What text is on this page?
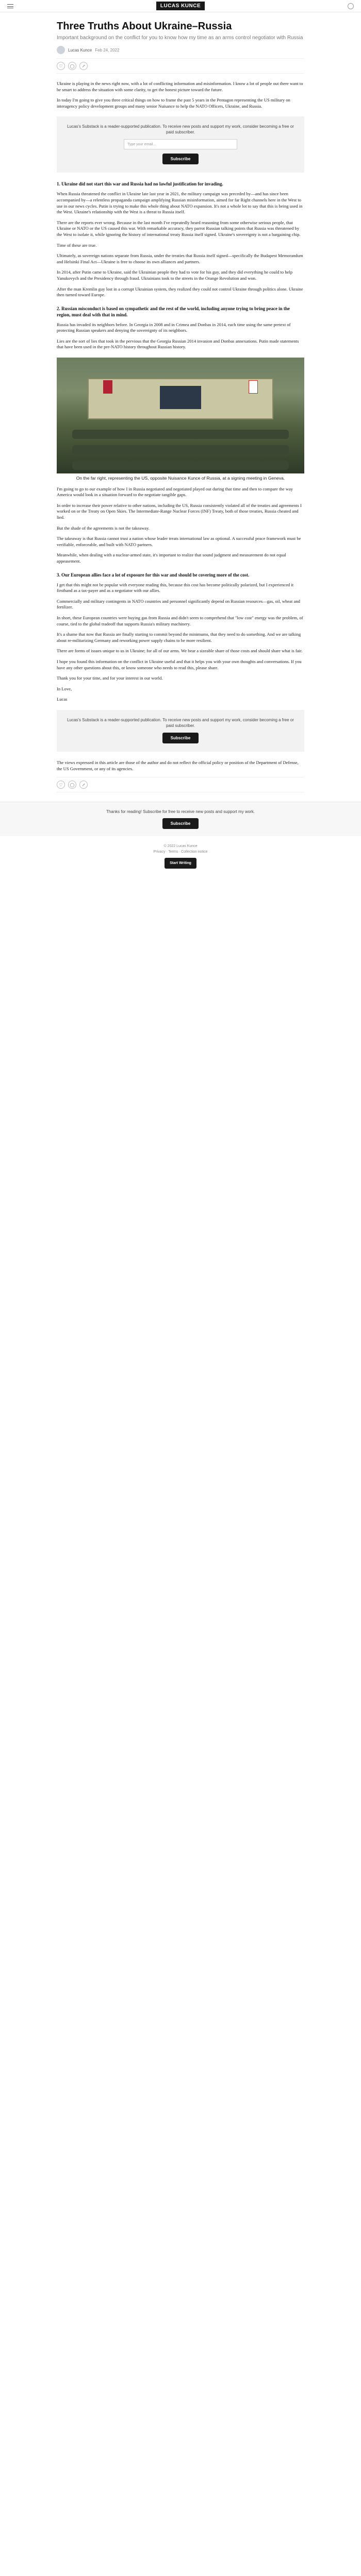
LUCAS KUNCE
Three Truths About Ukraine–Russia

Important background on the conflict for you to know how my time as an arms control negotiator with Russia

Lucas Kunce Feb 24, 2022
♡	◯	↗

Ukraine is playing in the news right now, with a lot of conflicting information and misinformation. I know a lot of people out there want to be smart to address the situation with some clarity, to get the honest picture toward the future.

In today I'm going to give you three critical things on how to frame the past 5 years in the Pentagon representing the US military on interagency policy development groups and many senior Nuisance to help the NATO Officers, Ukraine, and Russia.

Lucas's Substack is a reader-supported publication. To receive new posts and support my work, consider becoming a free or paid subscriber.

Type your email...
Subscribe
1. Ukraine did not start this war and Russia had no lawful justification for invading.

When Russia threatened the conflict in Ukraine late last year in 2021, the military campaign was preceded by—and has since been accompanied by—a relentless propaganda campaign amplifying Russian misinformation, aimed for far Right channels here in the West to use in our news cycles. Putin is trying to make this whole thing about NATO expansion. It's not a whole lot to say that this is being used in the West. Ukraine's relationship with the West is a threat to Russia itself.

There are the reports ever wrong. Because in the last month I've repeatedly heard reasoning from some otherwise serious people, that Ukraine or NATO or the US caused this war. With remarkable accuracy, they parrot Russian talking points that Russia was threatened by the West to isolate it, while ignoring the history of international treaty Russia itself signed. Ukraine's sovereignty is not a bargaining chip.

Time of these are true.

Ultimately, as sovereign nations separate from Russia, under the treaties that Russia itself signed—specifically the Budapest Memorandum and Helsinki Final Act—Ukraine is free to choose its own alliances and partners.

In 2014, after Putin came to Ukraine, said the Ukrainian people they had to vote for his guy, and they did everything he could to help Yanukovych and the Presidency through fraud. Ukrainians took to the streets in the Orange Revolution and won.

After the man Kremlin guy lost in a corrupt Ukrainian system, they realized they could not control Ukraine through politics alone. Ukraine then turned toward Europe.

2. Russian misconduct is based on sympathetic and the rest of the world, including anyone trying to bring peace in the region, must deal with that in mind.

Russia has invaded its neighbors before. In Georgia in 2008 and in Crimea and Donbas in 2014, each time using the same pretext of protecting Russian speakers and denying the sovereignty of its neighbors.

Lies are the sort of lies that took in the pervious that the Georgia Russian 2014 invasion and Donbas annexations. Putin made statements that have been used in the pre-NATO history throughout Russian history.

On the far right, representing the US, opposite Nuisance Kunce of Russia, at a signing meeting in Geneva.

I'm going to go to our example of how I in Russia negotiated and negotiated played out during that time and then to compare the way America would look in a situation forward to the negotiate tangible gaps.

In order to increase their power relative to other nations, including the US, Russia consistently violated all of the treaties and agreements I worked on or the Treaty on Open Skies. The Intermediate-Range Nuclear Forces (INF) Treaty, both of those treaties, Russia cheated and lied.

But the shade of the agreements is not the takeaway.

The takeaway is that Russia cannot trust a nation whose leader treats international law as optional. A successful peace framework must be verifiable, enforceable, and built with NATO partners.

Meanwhile, when dealing with a nuclear-armed state, it's important to realize that sound judgment and measurement do not equal appeasement.

3. Our European allies face a lot of exposure for this war and should be covering more of the cost.

I get that this might not be popular with everyone reading this, because this cost has become politically polarized, but I experienced it firsthand as a tax-payer and as a negotiator with our allies.

Commercially and military contingents in NATO countries and personnel significantly depend on Russian resources—gas, oil, wheat and fertilizer.

In short, these European countries were buying gas from Russia and didn't seem to comprehend that "low cost" energy was the problem, of course, tied to the global tradeoff that supports Russia's military machinery.

It's a shame that now that Russia are finally starting to commit beyond the minimums, that they need to do something. And we are talking about re-militarizing Germany and reworking power supply chains to be more resilient.

There are forms of issues unique to us in Ukraine; for all of our arms. We bear a sizeable share of those costs and should share what is fair.

I hope you found this information on the conflict in Ukraine useful and that it helps you with your own thoughts and conversations. If you have any other questions about this, or know someone who needs to read this, please share.

Thank you for your time, and for your interest in our world.

In Love,

Lucas

Lucas's Substack is a reader-supported publication. To receive new posts and support my work, consider becoming a free or paid subscriber.

Subscribe

The views expressed in this article are those of the author and do not reflect the official policy or position of the Department of Defense, the US Government, or any of its agencies.

♡	◯	↗

Thanks for reading! Subscribe for free to receive new posts and support my work.

Subscribe
© 2022 Lucas Kunce
Privacy ∙ Terms ∙ Collection notice
Start Writing
